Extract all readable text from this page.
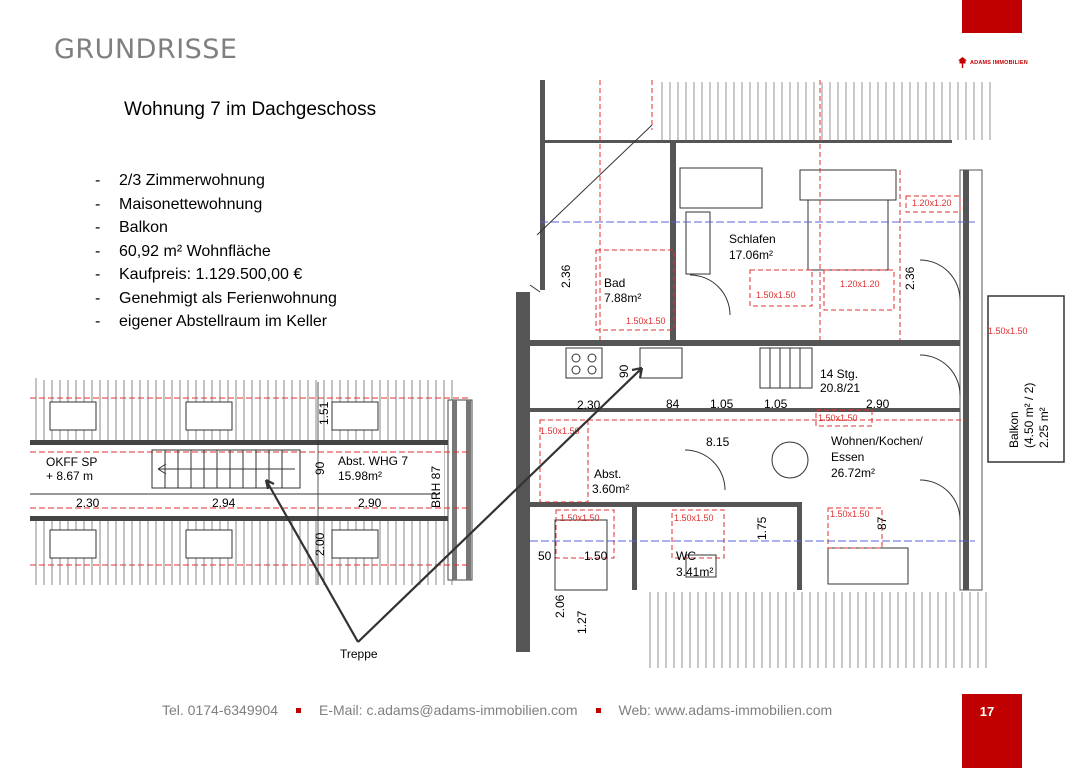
GRUNDRISSE	ADAMS IMMOBILIEN
Wohnung 7 im Dachgeschoss
-	2/3 Zimmerwohnung
-	Maisonettewohnung
-	Balkon
-	60,92 m² Wohnfläche
-	Kaufpreis: 1.129.500,00 €
-	Genehmigt als Ferienwohnung
-	eigener Abstellraum im Keller
OKFF SP
+ 8.67 m
Abst. WHG 7
15.98m²	BRH 87
2.30	2.94	2.90
90
1.51
2.00
Schlafen
17.06m²
Bad
7.88m²
14 Stg.
20.8/21
Wohnen/Kochen/
Essen
26.72m²
Abst.
3.60m²
WC
3.41m²
Balkon (4.50 m² / 2) 2.25 m²
2.36	2.36
2.30	84	1.05	1.05	2.90
8.15
90
50	1.50
2.06
1.27
87
1.75
1.20x1.20
1.20x1.20
1.50x1.50
1.50x1.50
1.50x1.50
1.50x1.50
1.50x1.50
1.50x1.50	1.50x1.50	1.50x1.50
Treppe
Tel. 0174-6349904	E-Mail: c.adams@adams-immobilien.com	Web: www.adams-immobilien.com	17
